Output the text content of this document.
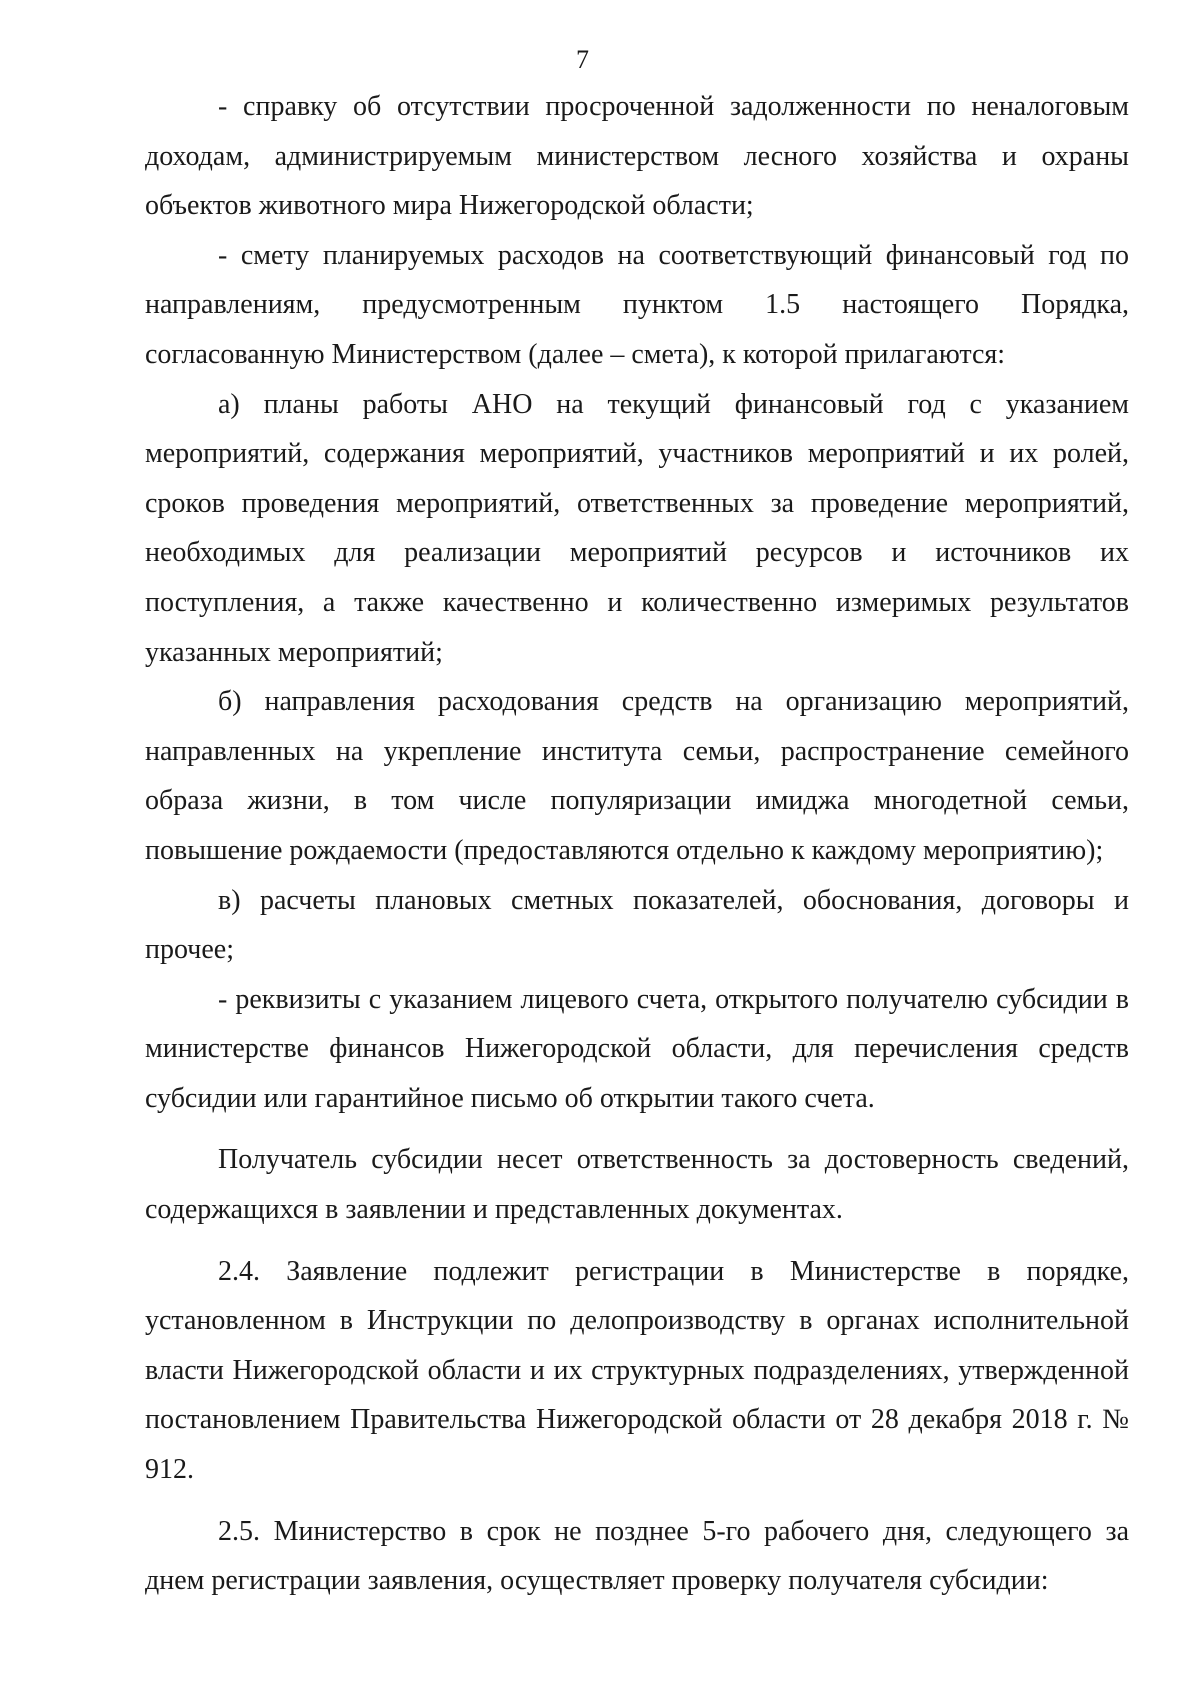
7

- справку об отсутствии просроченной задолженности по неналоговым доходам, администрируемым министерством лесного хозяйства и охраны объектов животного мира Нижегородской области;

- смету планируемых расходов на соответствующий финансовый год по направлениям, предусмотренным пунктом 1.5 настоящего Порядка, согласованную Министерством (далее – смета), к которой прилагаются:

а) планы работы АНО на текущий финансовый год с указанием мероприятий, содержания мероприятий, участников мероприятий и их ролей, сроков проведения мероприятий, ответственных за проведение мероприятий, необходимых для реализации мероприятий ресурсов и источников их поступления, а также качественно и количественно измеримых результатов указанных мероприятий;

б) направления расходования средств на организацию мероприятий, направленных на укрепление института семьи, распространение семейного образа жизни, в том числе популяризации имиджа многодетной семьи, повышение рождаемости (предоставляются отдельно к каждому мероприятию);

в) расчеты плановых сметных показателей, обоснования, договоры и прочее;

- реквизиты с указанием лицевого счета, открытого получателю субсидии в министерстве финансов Нижегородской области, для перечисления средств субсидии или гарантийное письмо об открытии такого счета.

Получатель субсидии несет ответственность за достоверность сведений, содержащихся в заявлении и представленных документах.

2.4. Заявление подлежит регистрации в Министерстве в порядке, установленном в Инструкции по делопроизводству в органах исполнительной власти Нижегородской области и их структурных подразделениях, утвержденной постановлением Правительства Нижегородской области от 28 декабря 2018 г. № 912.

2.5. Министерство в срок не позднее 5-го рабочего дня, следующего за днем регистрации заявления, осуществляет проверку получателя субсидии:
